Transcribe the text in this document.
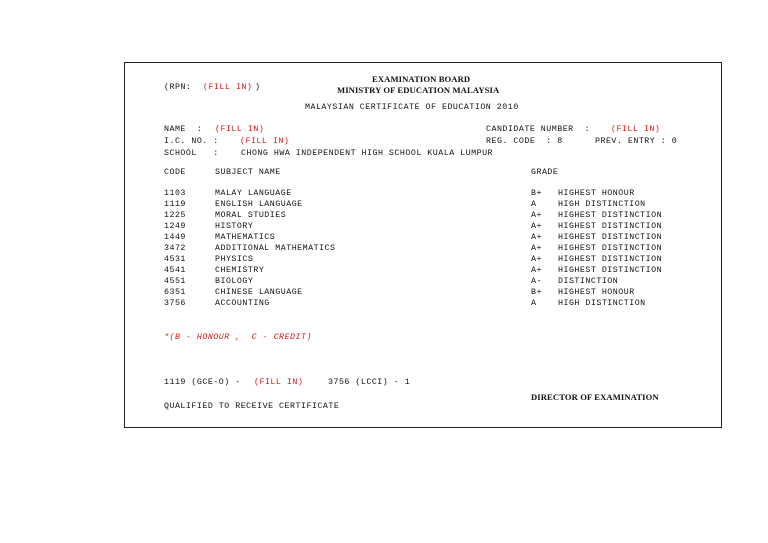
(RPN: (FILL IN) )
EXAMINATION BOARD
MINISTRY OF EDUCATION MALAYSIA
MALAYSIAN CERTIFICATE OF EDUCATION 2010
NAME  : (FILL IN)
I.C. NO. :	(FILL IN)
SCHOOL   :	CHONG HWA INDEPENDENT HIGH SCHOOL KUALA LUMPUR
CANDIDATE NUMBER  :	(FILL IN)
REG. CODE  : 8	PREV. ENTRY : 0
CODE	SUBJECT NAME	GRADE
1103	MALAY LANGUAGE	B+ HIGHEST HONOUR
1119	ENGLISH LANGUAGE	A	HIGH DISTINCTION
1225	MORAL STUDIES	A+ HIGHEST DISTINCTION
1249	HISTORY	A+ HIGHEST DISTINCTION
1449	MATHEMATICS	A+ HIGHEST DISTINCTION
3472	ADDITIONAL MATHEMATICS	A+ HIGHEST DISTINCTION
4531	PHYSICS	A+ HIGHEST DISTINCTION
4541	CHEMISTRY	A+ HIGHEST DISTINCTION
4551	BIOLOGY	A- DISTINCTION
6351	CHINESE LANGUAGE	B+ HIGHEST HONOUR
3756	ACCOUNTING	A	HIGH DISTINCTION
*(B - HONOUR ,  C - CREDIT)
1119 (GCE-O) - (FILL IN)	3756 (LCCI) - 1
DIRECTOR OF EXAMINATION
QUALIFIED TO RECEIVE CERTIFICATE
